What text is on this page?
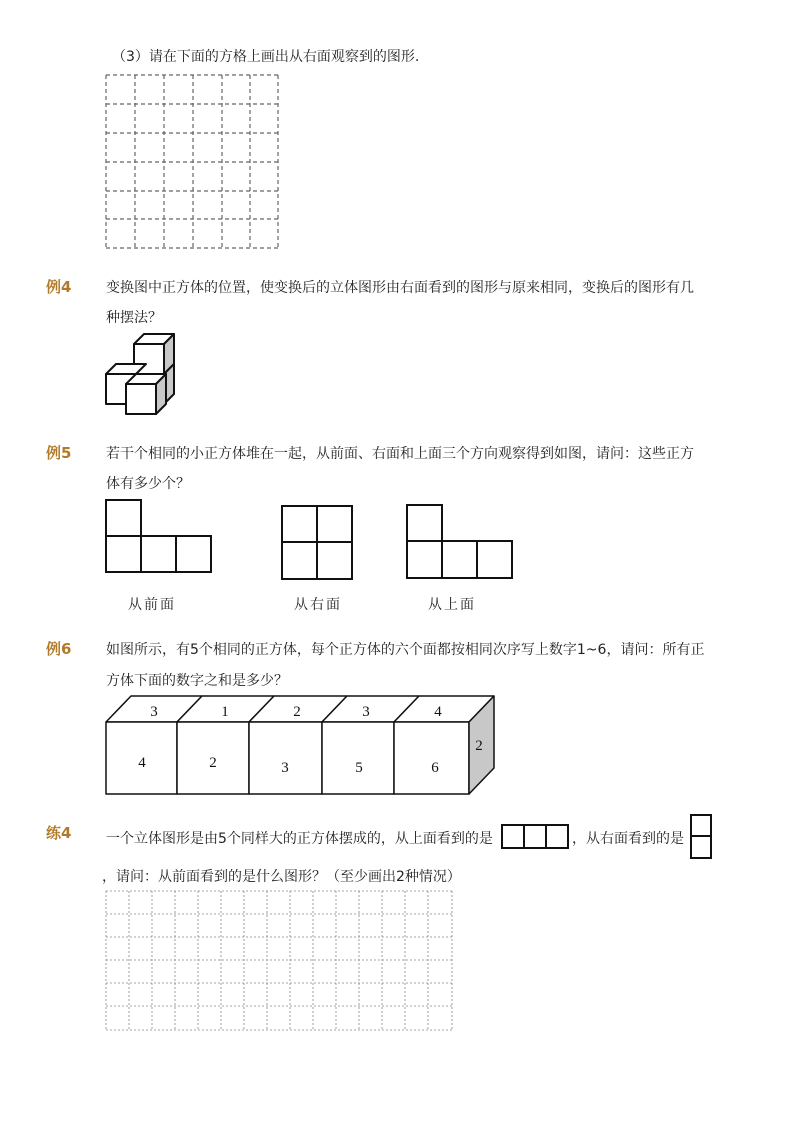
（3）请在下面的方格上画出从右面观察到的图形.
例4 变换图中正方体的位置，使变换后的立体图形由右面看到的图形与原来相同，变换后的图形有几
种摆法？
例5 若干个相同的小正方体堆在一起，从前面、右面和上面三个方向观察得到如图，请问：这些正方
体有多少个？
从前面	从右面	从上面
例6 如图所示，有5个相同的正方体，每个正方体的六个面都按相同次序写上数字1~6，请问：所有正
方体下面的数字之和是多少？
3	1	2	3	4
4	2	3	5	6
2
练4 一个立体图形是由5个同样大的正方体摆成的，从上面看到的是	，从右面看到的是
，请问：从前面看到的是什么图形？（至少画出2种情况）
